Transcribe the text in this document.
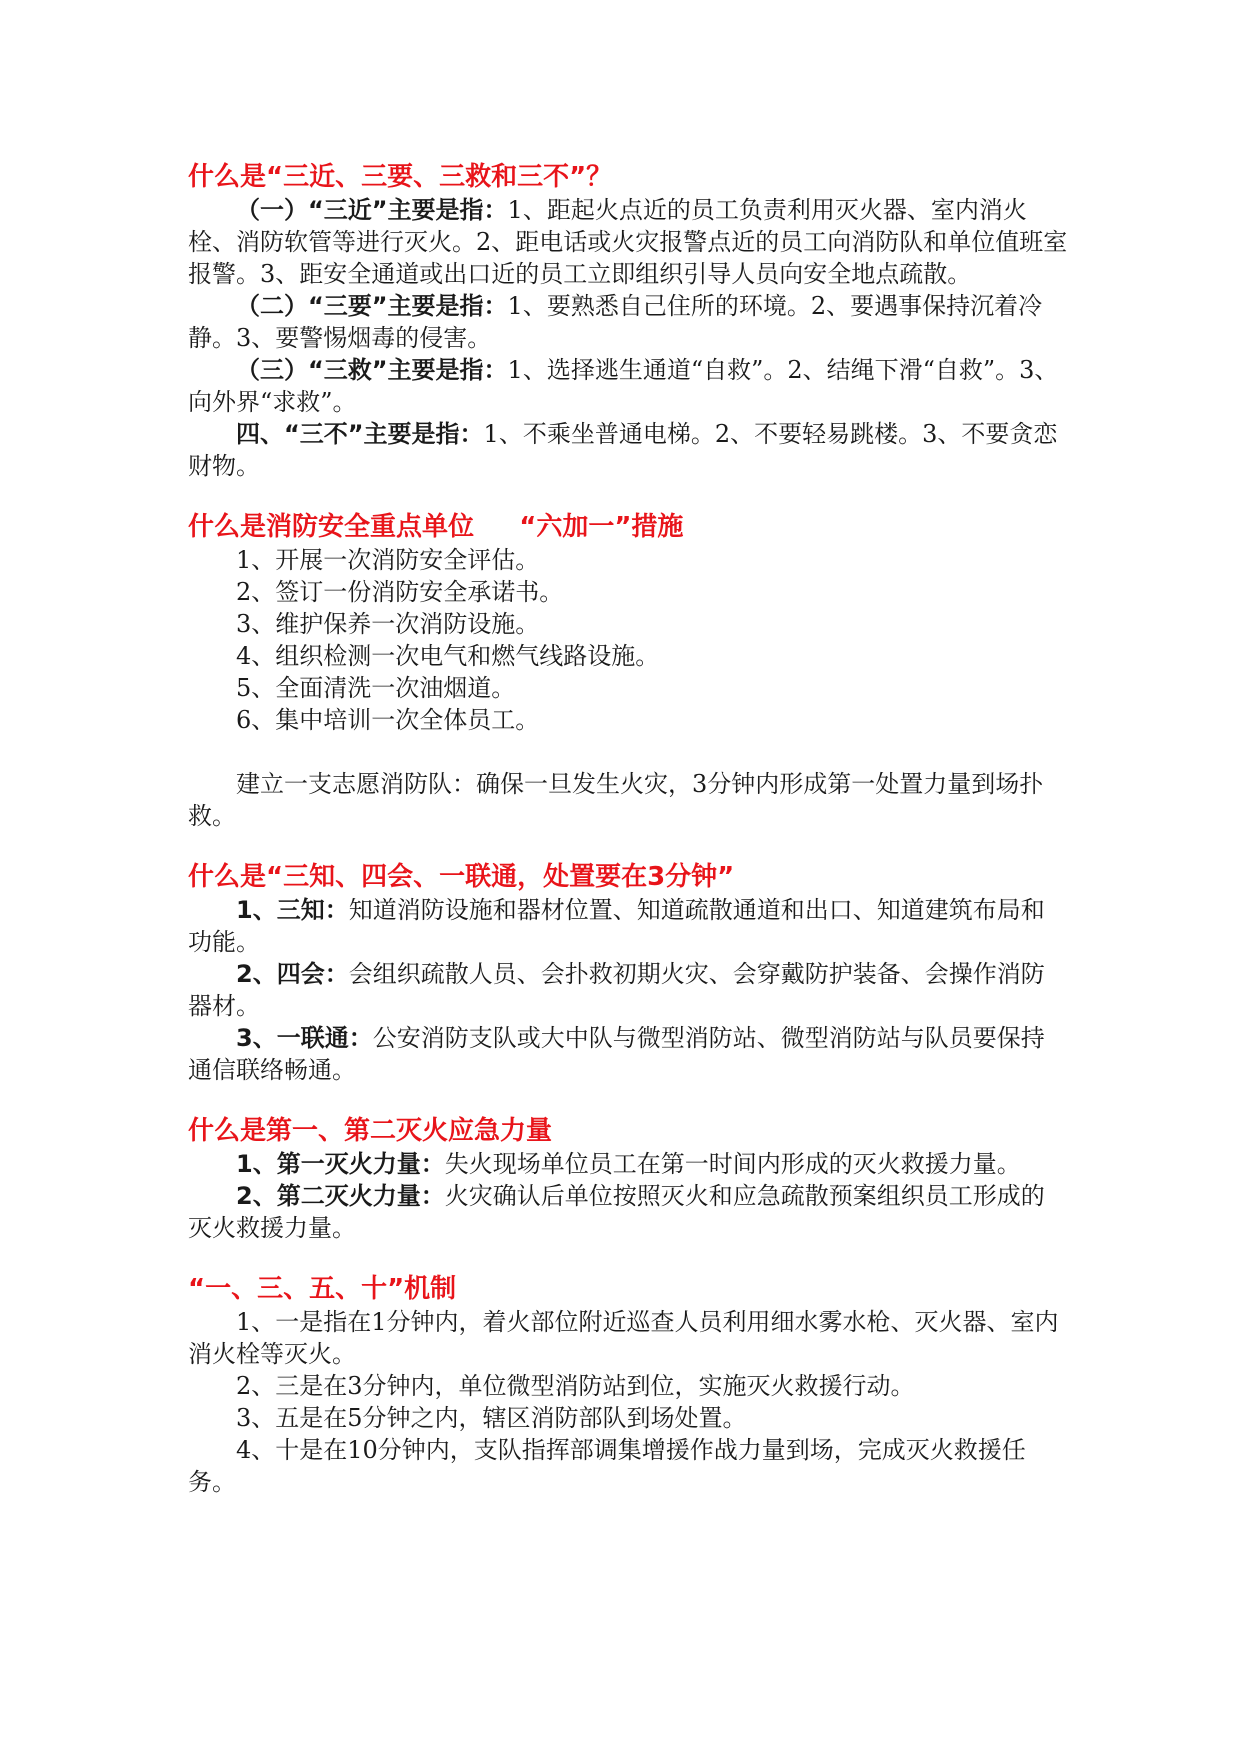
什么是“三近、三要、三救和三不”？

（一）“三近”主要是指：1、距起火点近的员工负责利用灭火器、室内消火栓、消防软管等进行灭火。2、距电话或火灾报警点近的员工向消防队和单位值班室报警。3、距安全通道或出口近的员工立即组织引导人员向安全地点疏散。

（二）“三要”主要是指：1、要熟悉自己住所的环境。2、要遇事保持沉着冷静。3、要警惕烟毒的侵害。

（三）“三救”主要是指：1、选择逃生通道“自救”。2、结绳下滑“自救”。3、向外界“求救”。

四、“三不”主要是指：1、不乘坐普通电梯。2、不要轻易跳楼。3、不要贪恋财物。

什么是消防安全重点单位     “六加一”措施

1、开展一次消防安全评估。

2、签订一份消防安全承诺书。

3、维护保养一次消防设施。

4、组织检测一次电气和燃气线路设施。

5、全面清洗一次油烟道。

6、集中培训一次全体员工。

建立一支志愿消防队：确保一旦发生火灾，3分钟内形成第一处置力量到场扑救。

什么是“三知、四会、一联通，处置要在3分钟”

1、三知：知道消防设施和器材位置、知道疏散通道和出口、知道建筑布局和功能。

2、四会：会组织疏散人员、会扑救初期火灾、会穿戴防护装备、会操作消防器材。

3、一联通：公安消防支队或大中队与微型消防站、微型消防站与队员要保持通信联络畅通。

什么是第一、第二灭火应急力量

1、第一灭火力量：失火现场单位员工在第一时间内形成的灭火救援力量。

2、第二灭火力量：火灾确认后单位按照灭火和应急疏散预案组织员工形成的灭火救援力量。

“一、三、五、十”机制

1、一是指在1分钟内，着火部位附近巡查人员利用细水雾水枪、灭火器、室内消火栓等灭火。

2、三是在3分钟内，单位微型消防站到位，实施灭火救援行动。

3、五是在5分钟之内，辖区消防部队到场处置。

4、十是在10分钟内，支队指挥部调集增援作战力量到场，完成灭火救援任务。
